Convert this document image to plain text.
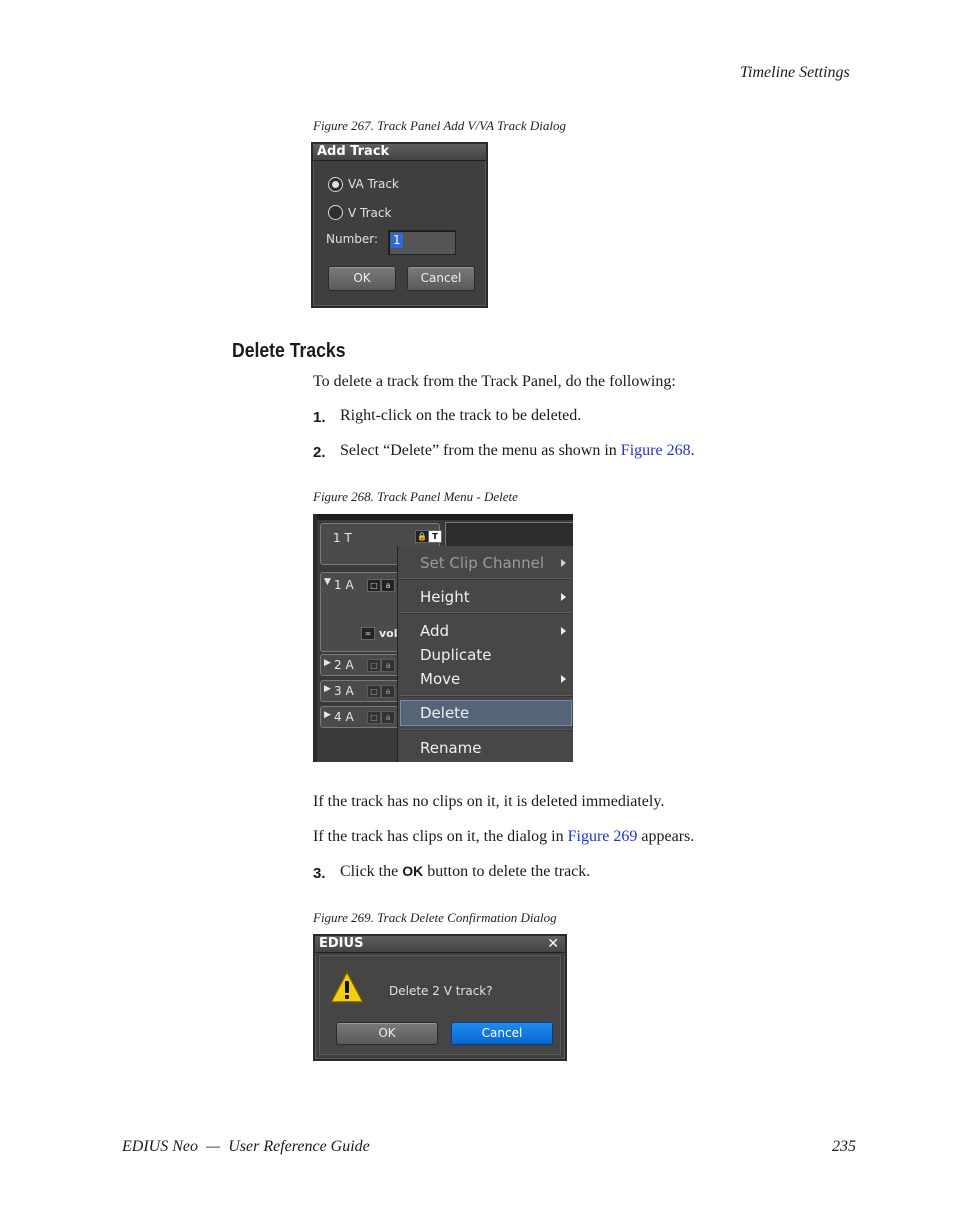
Timeline Settings
Figure 267. Track Panel Add V/VA Track Dialog
Add Track
VA Track
V Track
Number: 1
OK	Cancel
Delete Tracks
To delete a track from the Track Panel, do the following:
1. Right-click on the track to be deleted.
2. Select “Delete” from the menu as shown in Figure 268.
Figure 268. Track Panel Menu - Delete
1 T	🔒 T
▼ 1 A	□ a
∞ vol
▶ 2 A	□ a
▶ 3 A	□ a
▶ 4 A	□ a
Set Clip Channel
Height
Add
Duplicate
Move
Delete
Rename
If the track has no clips on it, it is deleted immediately.
If the track has clips on it, the dialog in Figure 269 appears.
3. Click the OK button to delete the track.
Figure 269. Track Delete Confirmation Dialog
EDIUS	✕
Delete 2 V track?
OK	Cancel
EDIUS Neo  —  User Reference Guide	235
